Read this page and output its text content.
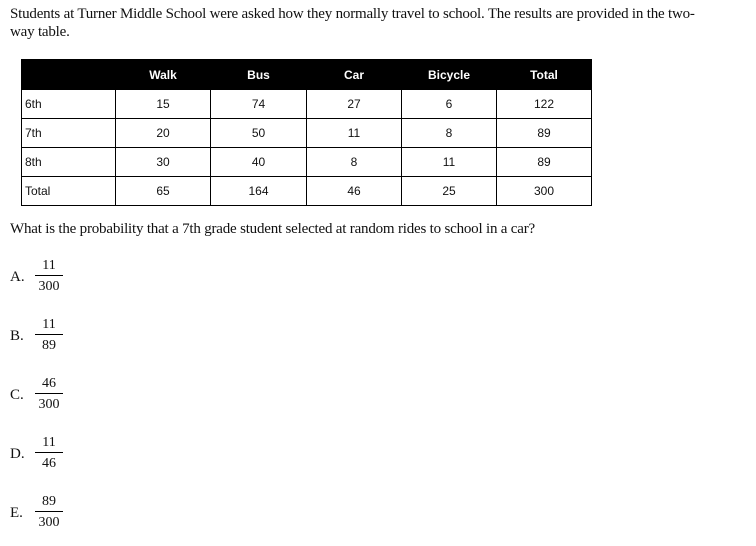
Students at Turner Middle School were asked how they normally travel to school. The results are provided in the two-way table.
	Walk	Bus	Car	Bicycle	Total
6th	15	74	27	6	122
7th	20	50	11	8	89
8th	30	40	8	11	89
Total	65	164	46	25	300
What is the probability that a 7th grade student selected at random rides to school in a car?
A.
11
300
B.
11
89
C.
46
300
D.
11
46
E.
89
300
